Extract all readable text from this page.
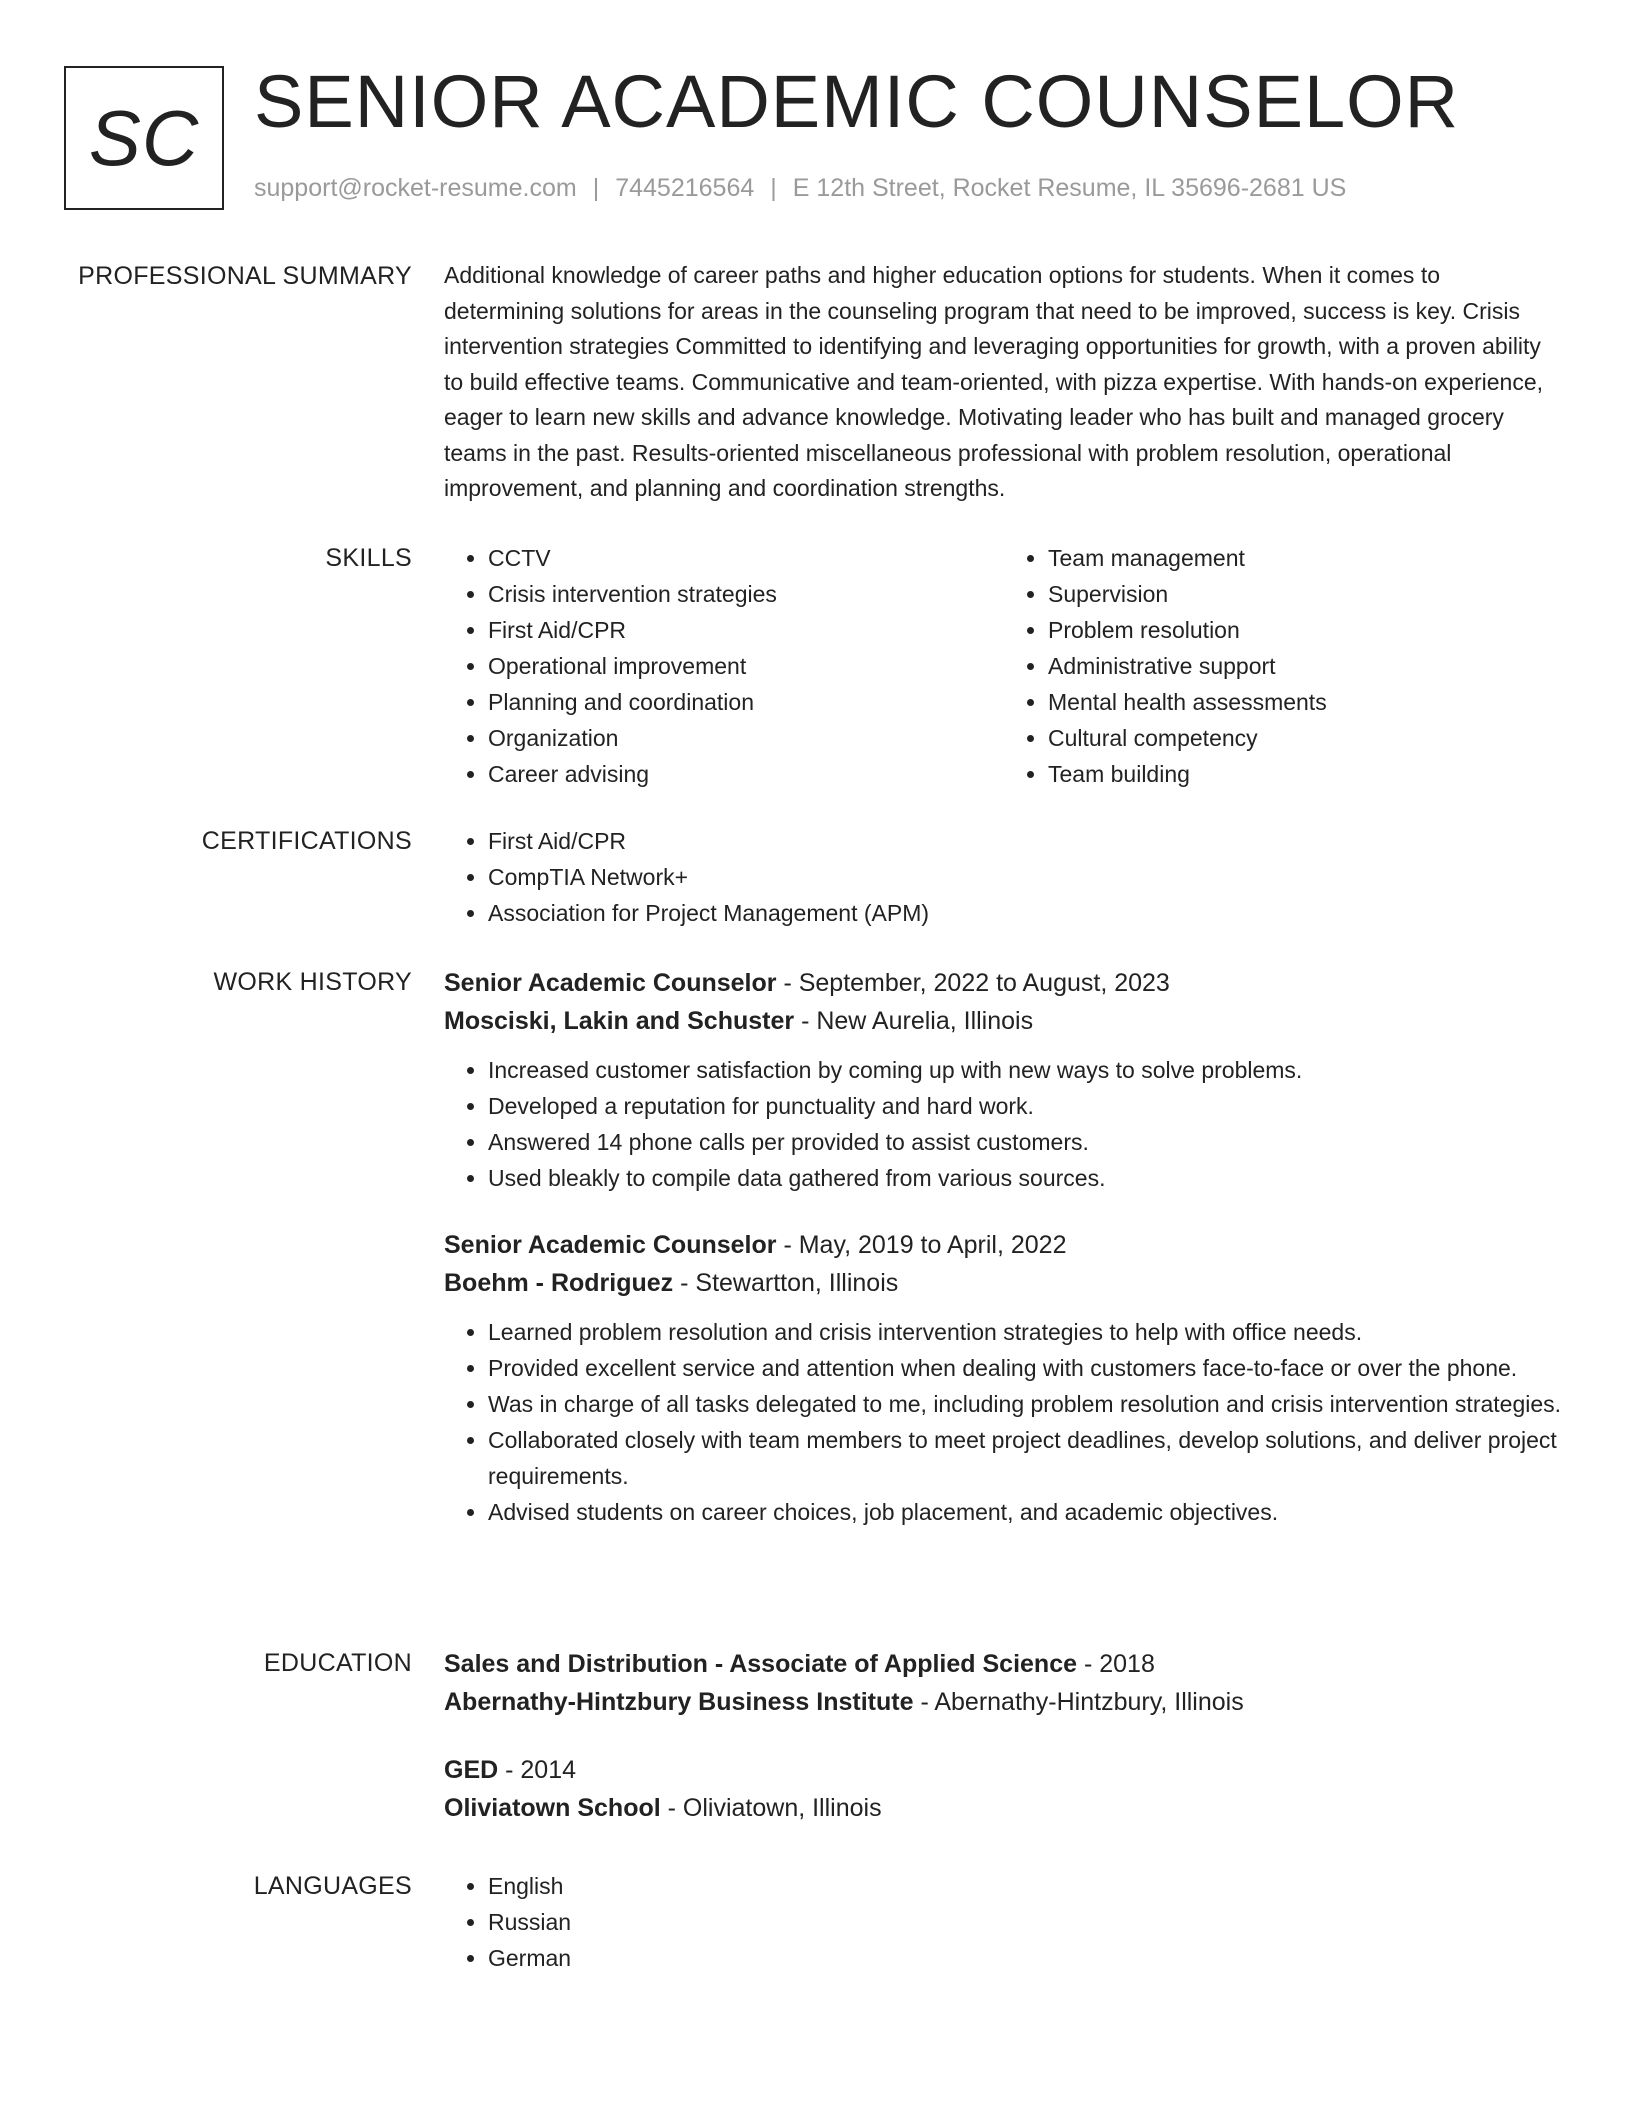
SC SENIOR ACADEMIC COUNSELOR
support@rocket-resume.com | 7445216564 | E 12th Street, Rocket Resume, IL 35696-2681 US
PROFESSIONAL SUMMARY Additional knowledge of career paths and higher education options for students. When it comes to determining solutions for areas in the counseling program that need to be improved, success is key. Crisis intervention strategies Committed to identifying and leveraging opportunities for growth, with a proven ability to build effective teams. Communicative and team-oriented, with pizza expertise. With hands-on experience, eager to learn new skills and advance knowledge. Motivating leader who has built and managed grocery teams in the past. Results-oriented miscellaneous professional with problem resolution, operational improvement, and planning and coordination strengths.

SKILLS	• CCTV
• Crisis intervention strategies
• First Aid/CPR
• Operational improvement
• Planning and coordination
• Organization
• Career advising
• Team management
• Supervision
• Problem resolution
• Administrative support
• Mental health assessments
• Cultural competency
• Team building
CERTIFICATIONS	• First Aid/CPR
• CompTIA Network+
• Association for Project Management (APM)
WORK HISTORY Senior Academic Counselor - September, 2022 to August, 2023
Mosciski, Lakin and Schuster - New Aurelia, Illinois
• Increased customer satisfaction by coming up with new ways to solve problems.
• Developed a reputation for punctuality and hard work.
• Answered 14 phone calls per provided to assist customers.
• Used bleakly to compile data gathered from various sources.
Senior Academic Counselor - May, 2019 to April, 2022
Boehm - Rodriguez - Stewartton, Illinois
• Learned problem resolution and crisis intervention strategies to help with office needs.
• Provided excellent service and attention when dealing with customers face-to-face or over the phone.
• Was in charge of all tasks delegated to me, including problem resolution and crisis intervention strategies.
• Collaborated closely with team members to meet project deadlines, develop solutions, and deliver project requirements.
• Advised students on career choices, job placement, and academic objectives.
EDUCATION Sales and Distribution - Associate of Applied Science - 2018
Abernathy-Hintzbury Business Institute - Abernathy-Hintzbury, Illinois
GED - 2014
Oliviatown School - Oliviatown, Illinois
LANGUAGES	• English
• Russian
• German
